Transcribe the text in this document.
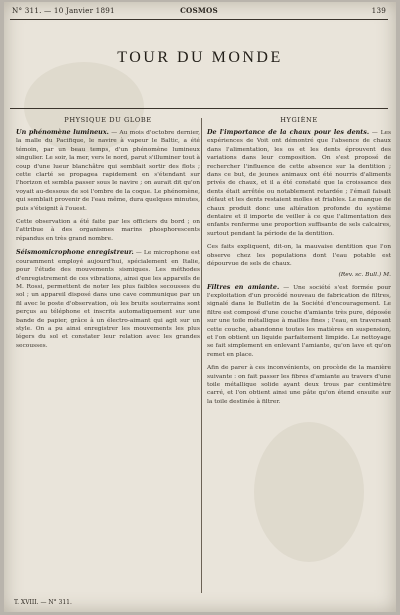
N° 311. — 10 Janvier 1891	COSMOS	139
TOUR DU MONDE
PHYSIQUE DU GLOBE
Un phénomène lumineux. — Au mois d'octobre dernier, la malle du Pacifique, le navire à vapeur le Baltic, a été témoin, par un beau temps, d'un phénomène lumineux singulier. Le soir, la mer, vers le nord, parut s'illuminer tout à coup d'une lueur blanchâtre qui semblait sortir des flots ; cette clarté se propagea rapidement en s'étendant sur l'horizon et sembla passer sous le navire ; on aurait dit qu'on voyait au-dessous de soi l'ombre de la coque. Le phénomène, qui semblait provenir de l'eau même, dura quelques minutes, puis s'éteignit à l'ouest.
Cette observation a été faite par les officiers du bord ; on l'attribue à des organismes marins phosphorescents répandus en très grand nombre.
Séismomicrophone enregistreur. — Le microphone est couramment employé aujourd'hui, spécialement en Italie, pour l'étude des mouvements sismiques. Les méthodes d'enregistrement de ces vibrations, ainsi que les appareils de M. Rossi, permettent de noter les plus faibles secousses du sol ; un appareil disposé dans une cave communique par un fil avec le poste d'observation, où les bruits souterrains sont perçus au téléphone et inscrits automatiquement sur une bande de papier, grâce à un électro-aimant qui agit sur un style. On a pu ainsi enregistrer les mouvements les plus légers du sol et constater leur relation avec les grandes secousses.
HYGIÈNE
De l'importance de la chaux pour les dents. — Les expériences de Voit ont démontré que l'absence de chaux dans l'alimentation, les os et les dents éprouvent des variations dans leur composition. On s'est proposé de rechercher l'influence de cette absence sur la dentition ; dans ce but, de jeunes animaux ont été nourris d'aliments privés de chaux, et il a été constaté que la croissance des dents était arrêtée ou notablement retardée ; l'émail faisait défaut et les dents restaient molles et friables. Le manque de chaux produit donc une altération profonde du système dentaire et il importe de veiller à ce que l'alimentation des enfants renferme une proportion suffisante de sels calcaires, surtout pendant la période de la dentition.
Ces faits expliquent, dit-on, la mauvaise dentition que l'on observe chez les populations dont l'eau potable est dépourvue de sels de chaux.
(Rev. sc. Bull.) M.
Filtres en amiante. — Une société s'est formée pour l'exploitation d'un procédé nouveau de fabrication de filtres, signalé dans le Bulletin de la Société d'encouragement. Le filtre est composé d'une couche d'amiante très pure, déposée sur une toile métallique à mailles fines ; l'eau, en traversant cette couche, abandonne toutes les matières en suspension, et l'on obtient un liquide parfaitement limpide. Le nettoyage se fait simplement en enlevant l'amiante, qu'on lave et qu'on remet en place.
Afin de parer à ces inconvénients, on procède de la manière suivante : on fait passer les fibres d'amiante au travers d'une toile métallique solide ayant deux trous par centimètre carré, et l'on obtient ainsi une pâte qu'on étend ensuite sur la toile destinée à filtrer.
T. XVIII. — N° 311.
